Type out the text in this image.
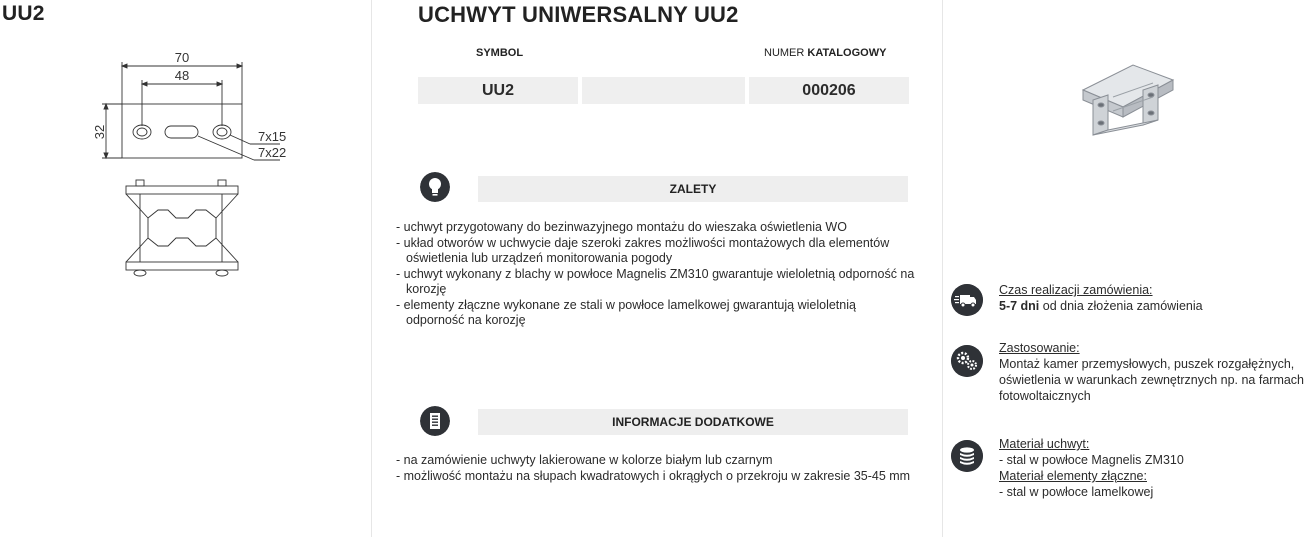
UU2
70
48
32	7x15
7x22
UCHWYT UNIWERSALNY UU2
SYMBOL	NUMER KATALOGOWY
UU2	000206
ZALETY
- uchwyt przygotowany do bezinwazyjnego montażu do wieszaka oświetlenia WO
- układ otworów w uchwycie daje szeroki zakres możliwości montażowych dla elementów oświetlenia lub urządzeń monitorowania pogody
- uchwyt wykonany z blachy w powłoce Magnelis ZM310 gwarantuje wieloletnią odporność na korozję
- elementy złączne wykonane ze stali w powłoce lamelkowej gwarantują wieloletnią odporność na korozję
INFORMACJE DODATKOWE
- na zamówienie uchwyty lakierowane w kolorze białym lub czarnym
- możliwość montażu na słupach kwadratowych i okrągłych o przekroju w zakresie 35-45 mm
Czas realizacji zamówienia:
5-7 dni od dnia złożenia zamówienia
Zastosowanie:
Montaż kamer przemysłowych, puszek rozgałężnych, oświetlenia w warunkach zewnętrznych np. na farmach fotowoltaicznych
Materiał uchwyt:
- stal w powłoce Magnelis ZM310
Materiał elementy złączne:
- stal w powłoce lamelkowej
